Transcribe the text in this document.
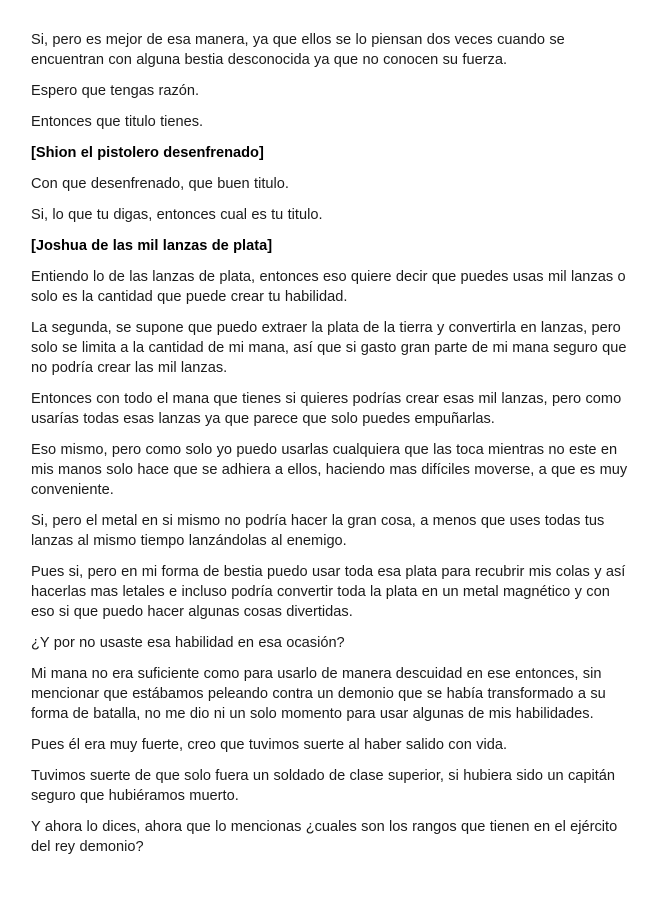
Si, pero es mejor de esa manera, ya que ellos se lo piensan dos veces cuando se encuentran con alguna bestia desconocida ya que no conocen su fuerza.

Espero que tengas razón.

Entonces que titulo tienes.

[Shion el pistolero desenfrenado]

Con que desenfrenado, que buen titulo.

Si, lo que tu digas, entonces cual es tu titulo.

[Joshua de las mil lanzas de plata]

Entiendo lo de las lanzas de plata, entonces eso quiere decir que puedes usas mil lanzas o solo es la cantidad que puede crear tu habilidad.

La segunda, se supone que puedo extraer la plata de la tierra y convertirla en lanzas, pero solo se limita a la cantidad de mi mana, así que si gasto gran parte de mi mana seguro que no podría crear las mil lanzas.

Entonces con todo el mana que tienes si quieres podrías crear esas mil lanzas, pero como usarías todas esas lanzas ya que parece que solo puedes empuñarlas.

Eso mismo, pero como solo yo puedo usarlas cualquiera que las toca mientras no este en mis manos solo hace que se adhiera a ellos, haciendo mas difíciles moverse, a que es muy conveniente.

Si, pero el metal en si mismo no podría hacer la gran cosa, a menos que uses todas tus lanzas al mismo tiempo lanzándolas al enemigo.

Pues si, pero en mi forma de bestia puedo usar toda esa plata para recubrir mis colas y así hacerlas mas letales e incluso podría convertir toda la plata en un metal magnético y con eso si que puedo hacer algunas cosas divertidas.

¿Y por no usaste esa habilidad en esa ocasión?

Mi mana no era suficiente como para usarlo de manera descuidad en ese entonces, sin mencionar que estábamos peleando contra un demonio que se había transformado a su forma de batalla, no me dio ni un solo momento para usar algunas de mis habilidades.

Pues él era muy fuerte, creo que tuvimos suerte al haber salido con vida.

Tuvimos suerte de que solo fuera un soldado de clase superior, si hubiera sido un capitán seguro que hubiéramos muerto.

Y ahora lo dices, ahora que lo mencionas ¿cuales son los rangos que tienen en el ejército del rey demonio?
